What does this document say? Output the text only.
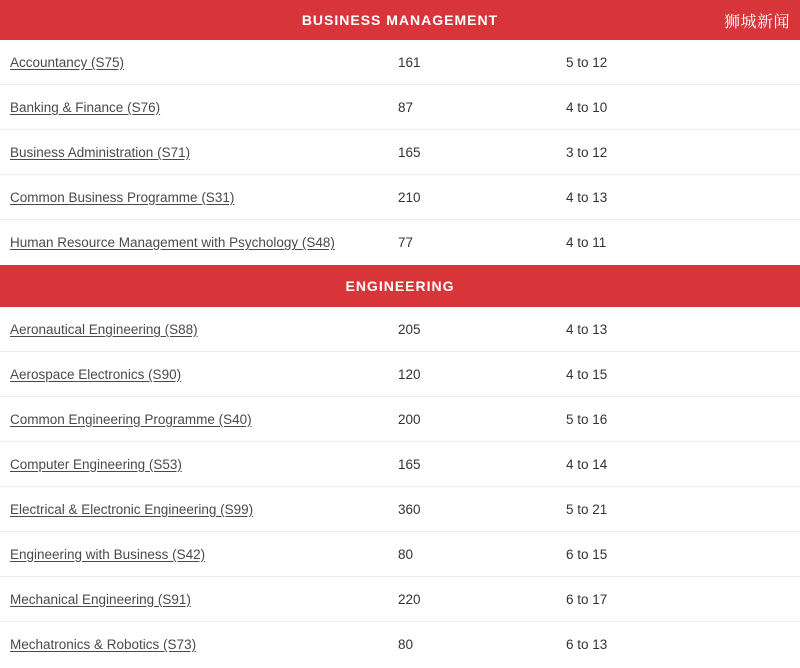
BUSINESS MANAGEMENT
Accountancy (S75)	161	5 to 12
Banking & Finance (S76)	87	4 to 10
Business Administration (S71)	165	3 to 12
Common Business Programme (S31)	210	4 to 13
Human Resource Management with Psychology (S48)	77	4 to 11
ENGINEERING
Aeronautical Engineering (S88)	205	4 to 13
Aerospace Electronics (S90)	120	4 to 15
Common Engineering Programme (S40)	200	5 to 16
Computer Engineering (S53)	165	4 to 14
Electrical & Electronic Engineering (S99)	360	5 to 21
Engineering with Business (S42)	80	6 to 15
Mechanical Engineering (S91)	220	6 to 17
Mechatronics & Robotics (S73)	80	6 to 13
狮城新闻
